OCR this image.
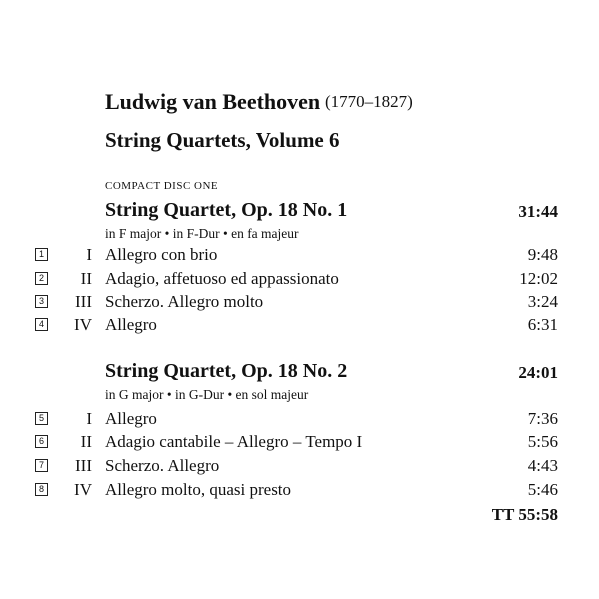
Ludwig van Beethoven (1770–1827)
String Quartets, Volume 6
COMPACT DISC ONE
String Quartet, Op. 18 No. 1	31:44
in F major • in F-Dur • en fa majeur
1	I Allegro con brio	9:48
2	II Adagio, affetuoso ed appassionato	12:02
3	III Scherzo. Allegro molto	3:24
4	IV Allegro	6:31
String Quartet, Op. 18 No. 2	24:01
in G major • in G-Dur • en sol majeur
5	I Allegro	7:36
6	II Adagio cantabile – Allegro – Tempo I	5:56
7	III Scherzo. Allegro	4:43
8	IV Allegro molto, quasi presto	5:46
TT 55:58
